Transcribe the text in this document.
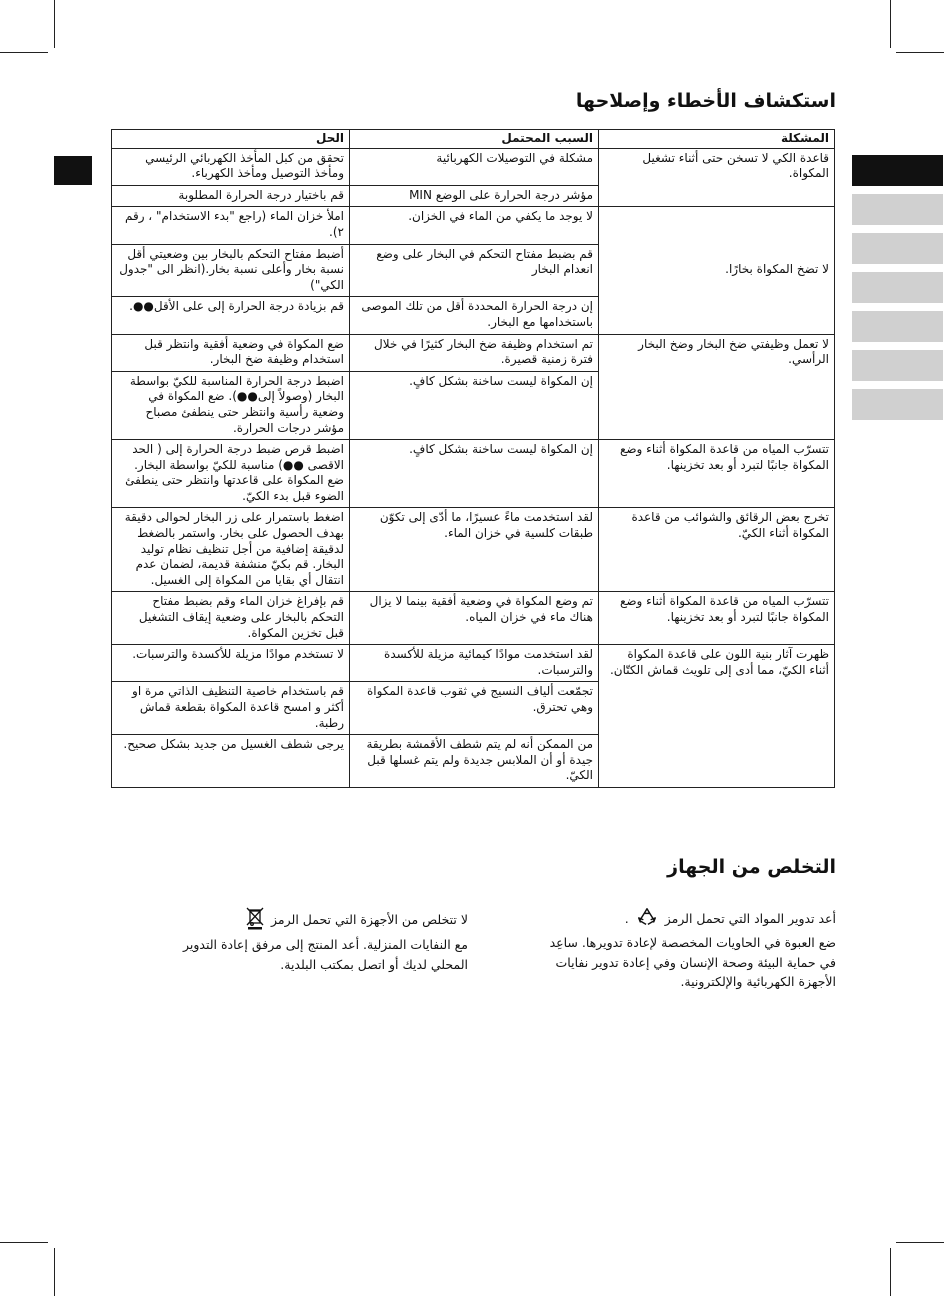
استكشاف الأخطاء وإصلاحها
المشكلة	السبب المحتمل	الحل
قاعدة الكي لا تسخن حتى أثناء تشغيل المكواة.	مشكلة في التوصيلات الكهربائية	تحقق من كبل المأخذ الكهربائي الرئيسي ومأخذ التوصيل ومأخذ الكهرباء.
	مؤشر درجة الحرارة على الوضع MIN	قم باختيار درجة الحرارة المطلوبة
لا تضخ المكواة بخارًا.	لا يوجد ما يكفي من الماء في الخزان.	املأ خزان الماء (راجع "بدء الاستخدام" ، رقم ٢).
	قم بضبط مفتاح التحكم في البخار على وضع انعدام البخار	أضبط مفتاح التحكم بالبخار بين وضعيتي أقل نسبة بخار وأعلى نسبة بخار.(انظر الى "جدول الكي")
	إن درجة الحرارة المحددة أقل من تلك الموصى باستخدامها مع البخار.	قم بزيادة درجة الحرارة إلى على الأقل●●.
لا تعمل وظيفتي ضخ البخار وضخ البخار الرأسي.	تم استخدام وظيفة ضخ البخار كثيرًا في خلال فترة زمنية قصيرة.	ضع المكواة في وضعية أفقية وانتظر قبل استخدام وظيفة ضخ البخار.
	إن المكواة ليست ساخنة بشكل كافٍ.	اضبط درجة الحرارة المناسبة للكيّ بواسطة البخار (وصولاً إلى●●). ضع المكواة في وضعية رأسية وانتظر حتى ينطفئ مصباح مؤشر درجات الحرارة.
تتسرّب المياه من قاعدة المكواة أثناء وضع المكواة جانبًا لتبرد أو بعد تخزينها.	إن المكواة ليست ساخنة بشكل كافٍ.	اضبط قرص ضبط درجة الحرارة إلى ( الحد الاقصى ●●) مناسبة للكيّ بواسطة البخار. ضع المكواة على قاعدتها وانتظر حتى ينطفئ الضوء قبل بدء الكيّ.
تخرج بعض الرقائق والشوائب من قاعدة المكواة أثناء الكيّ.	لقد استخدمت ماءً عسيرًا، ما أدّى إلى تكوّن طبقات كلسية في خزان الماء.	اضغط باستمرار على زر البخار لحوالى دقيقة بهدف الحصول على بخار. واستمر بالضغط لدقيقة إضافية من أجل تنظيف نظام توليد البخار. قم بكيّ منشفة قديمة، لضمان عدم انتقال أي بقايا من المكواة إلى الغسيل.
تتسرّب المياه من قاعدة المكواة أثناء وضع المكواة جانبًا لتبرد أو بعد تخزينها.	تم وضع المكواة في وضعية أفقية بينما لا يزال هناك ماء في خزان المياه.	قم بإفراغ خزان الماء وقم بضبط مفتاح التحكم بالبخار على وضعية إيقاف التشغيل قبل تخزين المكواة.
ظهرت آثار بنية اللون على قاعدة المكواة أثناء الكيّ، مما أدى إلى تلويث قماش الكتّان.	لقد استخدمت موادًا كيمائية مزيلة للأكسدة والترسبات.	لا تستخدم موادًا مزيلة للأكسدة والترسبات.
	تجمّعت ألياف النسيج في ثقوب قاعدة المكواة وهي تحترق.	قم باستخدام خاصية التنظيف الذاتي مرة او أكثر و امسح قاعدة المكواة بقطعة قماش رطبة.
	من الممكن أنه لم يتم شطف الأقمشة بطريقة جيدة أو أن الملابس جديدة ولم يتم غسلها قبل الكيّ.	يرجى شطف الغسيل من جديد بشكل صحيح.
التخلص من الجهاز
أعد تدوير المواد التي تحمل الرمز  .
ضع العبوة في الحاويات المخصصة لإعادة تدويرها. ساعِد في حماية البيئة وصحة الإنسان وفي إعادة تدوير نفايات الأجهزة الكهربائية والإلكترونية.
لا تتخلص من الأجهزة التي تحمل الرمز
مع النفايات المنزلية. أعد المنتج إلى مرفق إعادة التدوير المحلي لديك أو اتصل بمكتب البلدية.
